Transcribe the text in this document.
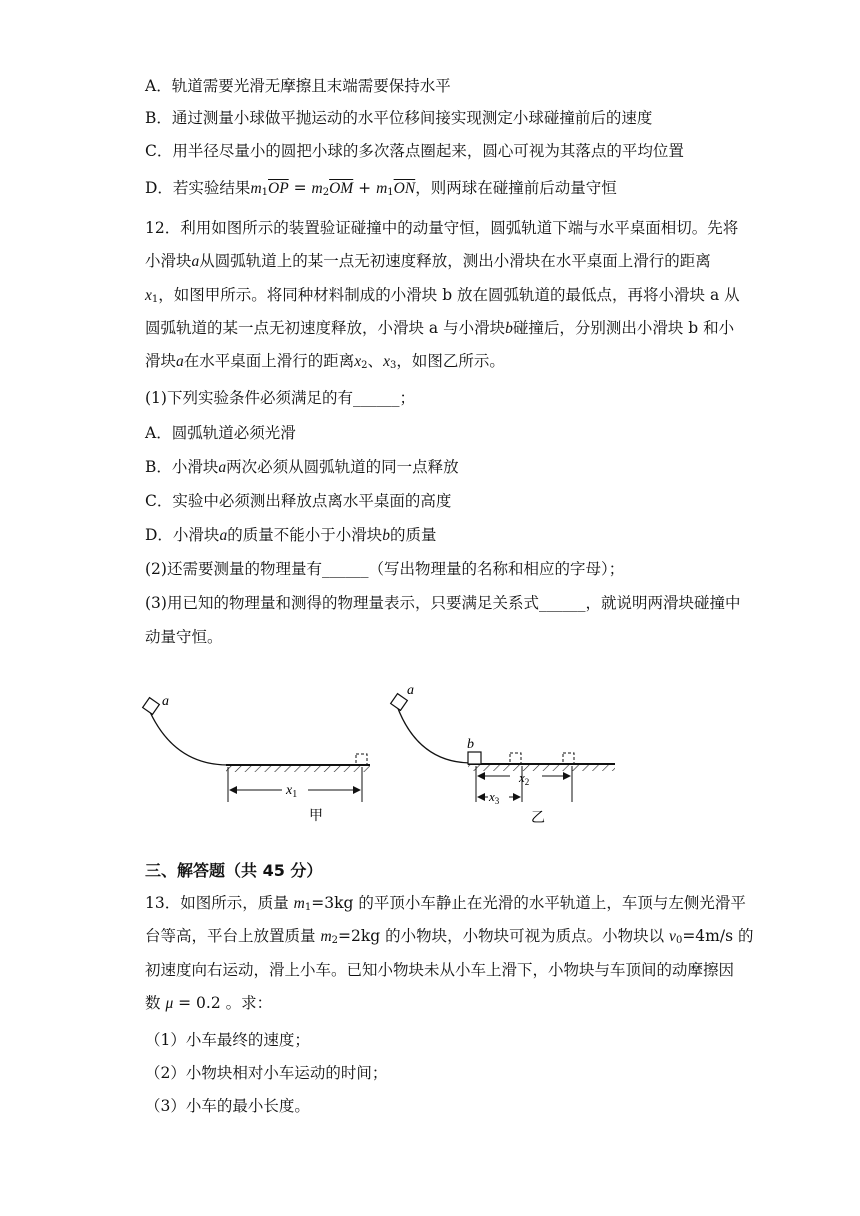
A．轨道需要光滑无摩擦且末端需要保持水平
B．通过测量小球做平抛运动的水平位移间接实现测定小球碰撞前后的速度
C．用半径尽量小的圆把小球的多次落点圈起来，圆心可视为其落点的平均位置
D．若实验结果$m_1\overline{OP} = m_2\overline{OM} + m_1\overline{ON}$，则两球在碰撞前后动量守恒
12．利用如图所示的装置验证碰撞中的动量守恒，圆弧轨道下端与水平桌面相切。先将
小滑块a从圆弧轨道上的某一点无初速度释放，测出小滑块在水平桌面上滑行的距离
$x_1$，如图甲所示。将同种材料制成的小滑块 b 放在圆弧轨道的最低点，再将小滑块 a 从
圆弧轨道的某一点无初速度释放，小滑块 a 与小滑块b碰撞后，分别测出小滑块 b 和小
滑块a在水平桌面上滑行的距离$x_2$、$x_3$，如图乙所示。
(1)下列实验条件必须满足的有______；
A．圆弧轨道必须光滑
B．小滑块a两次必须从圆弧轨道的同一点释放
C．实验中必须测出释放点离水平桌面的高度
D．小滑块a的质量不能小于小滑块b的质量
(2)还需要测量的物理量有______（写出物理量的名称和相应的字母）；
(3)用已知的物理量和测得的物理量表示，只要满足关系式______，就说明两滑块碰撞中
动量守恒。
a
$x_1$
甲
a
b
$x_2$
$x_3$
乙
三、解答题（共 45 分）
13．如图所示，质量 $m_1=3kg$ 的平顶小车静止在光滑的水平轨道上，车顶与左侧光滑平
台等高，平台上放置质量 $m_2=2kg$ 的小物块，小物块可视为质点。小物块以 $v_0=4m/s$ 的
初速度向右运动，滑上小车。已知小物块未从小车上滑下，小物块与车顶间的动摩擦因
数 μ = 0.2 。求：
（1）小车最终的速度；
（2）小物块相对小车运动的时间；
（3）小车的最小长度。
